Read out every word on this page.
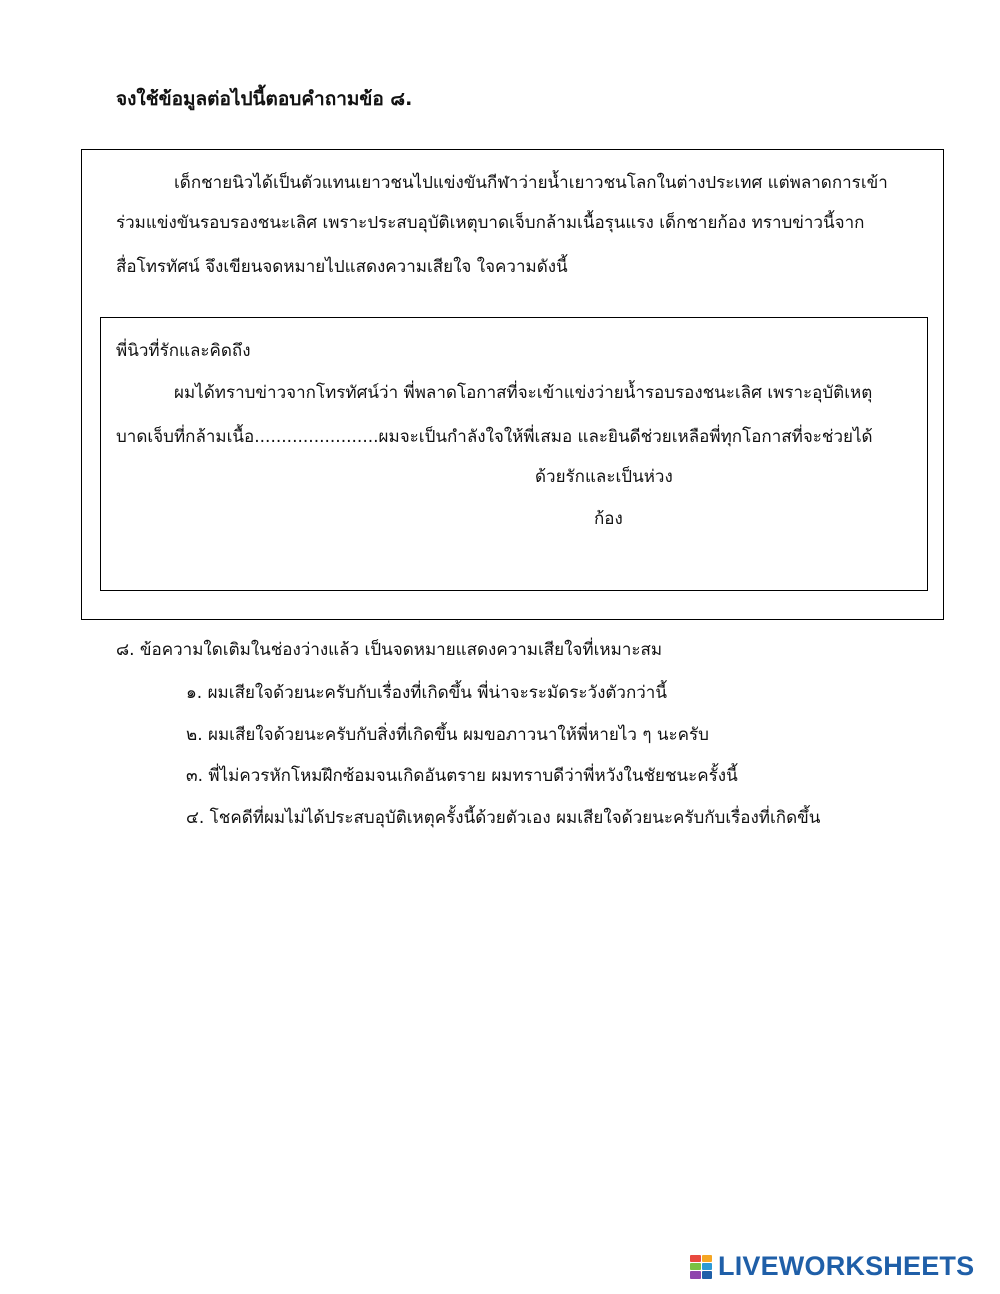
จงใช้ข้อมูลต่อไปนี้ตอบคำถามข้อ ๘.
เด็กชายนิวได้เป็นตัวแทนเยาวชนไปแข่งขันกีฬาว่ายน้ำเยาวชนโลกในต่างประเทศ แต่พลาดการเข้า
ร่วมแข่งขันรอบรองชนะเลิศ เพราะประสบอุบัติเหตุบาดเจ็บกล้ามเนื้อรุนแรง เด็กชายก้อง ทราบข่าวนี้จาก
สื่อโทรทัศน์ จึงเขียนจดหมายไปแสดงความเสียใจ ใจความดังนี้
พี่นิวที่รักและคิดถึง
ผมได้ทราบข่าวจากโทรทัศน์ว่า พี่พลาดโอกาสที่จะเข้าแข่งว่ายน้ำรอบรองชนะเลิศ เพราะอุบัติเหตุ
บาดเจ็บที่กล้ามเนื้อ.......................ผมจะเป็นกำลังใจให้พี่เสมอ และยินดีช่วยเหลือพี่ทุกโอกาสที่จะช่วยได้
ด้วยรักและเป็นห่วง
ก้อง
๘. ข้อความใดเติมในช่องว่างแล้ว เป็นจดหมายแสดงความเสียใจที่เหมาะสม
๑. ผมเสียใจด้วยนะครับกับเรื่องที่เกิดขึ้น พี่น่าจะระมัดระวังตัวกว่านี้
๒. ผมเสียใจด้วยนะครับกับสิ่งที่เกิดขึ้น ผมขอภาวนาให้พี่หายไว ๆ นะครับ
๓. พี่ไม่ควรหักโหมฝึกซ้อมจนเกิดอันตราย ผมทราบดีว่าพี่หวังในชัยชนะครั้งนี้
๔. โชคดีที่ผมไม่ได้ประสบอุบัติเหตุครั้งนี้ด้วยตัวเอง ผมเสียใจด้วยนะครับกับเรื่องที่เกิดขึ้น
LIVEWORKSHEETS
